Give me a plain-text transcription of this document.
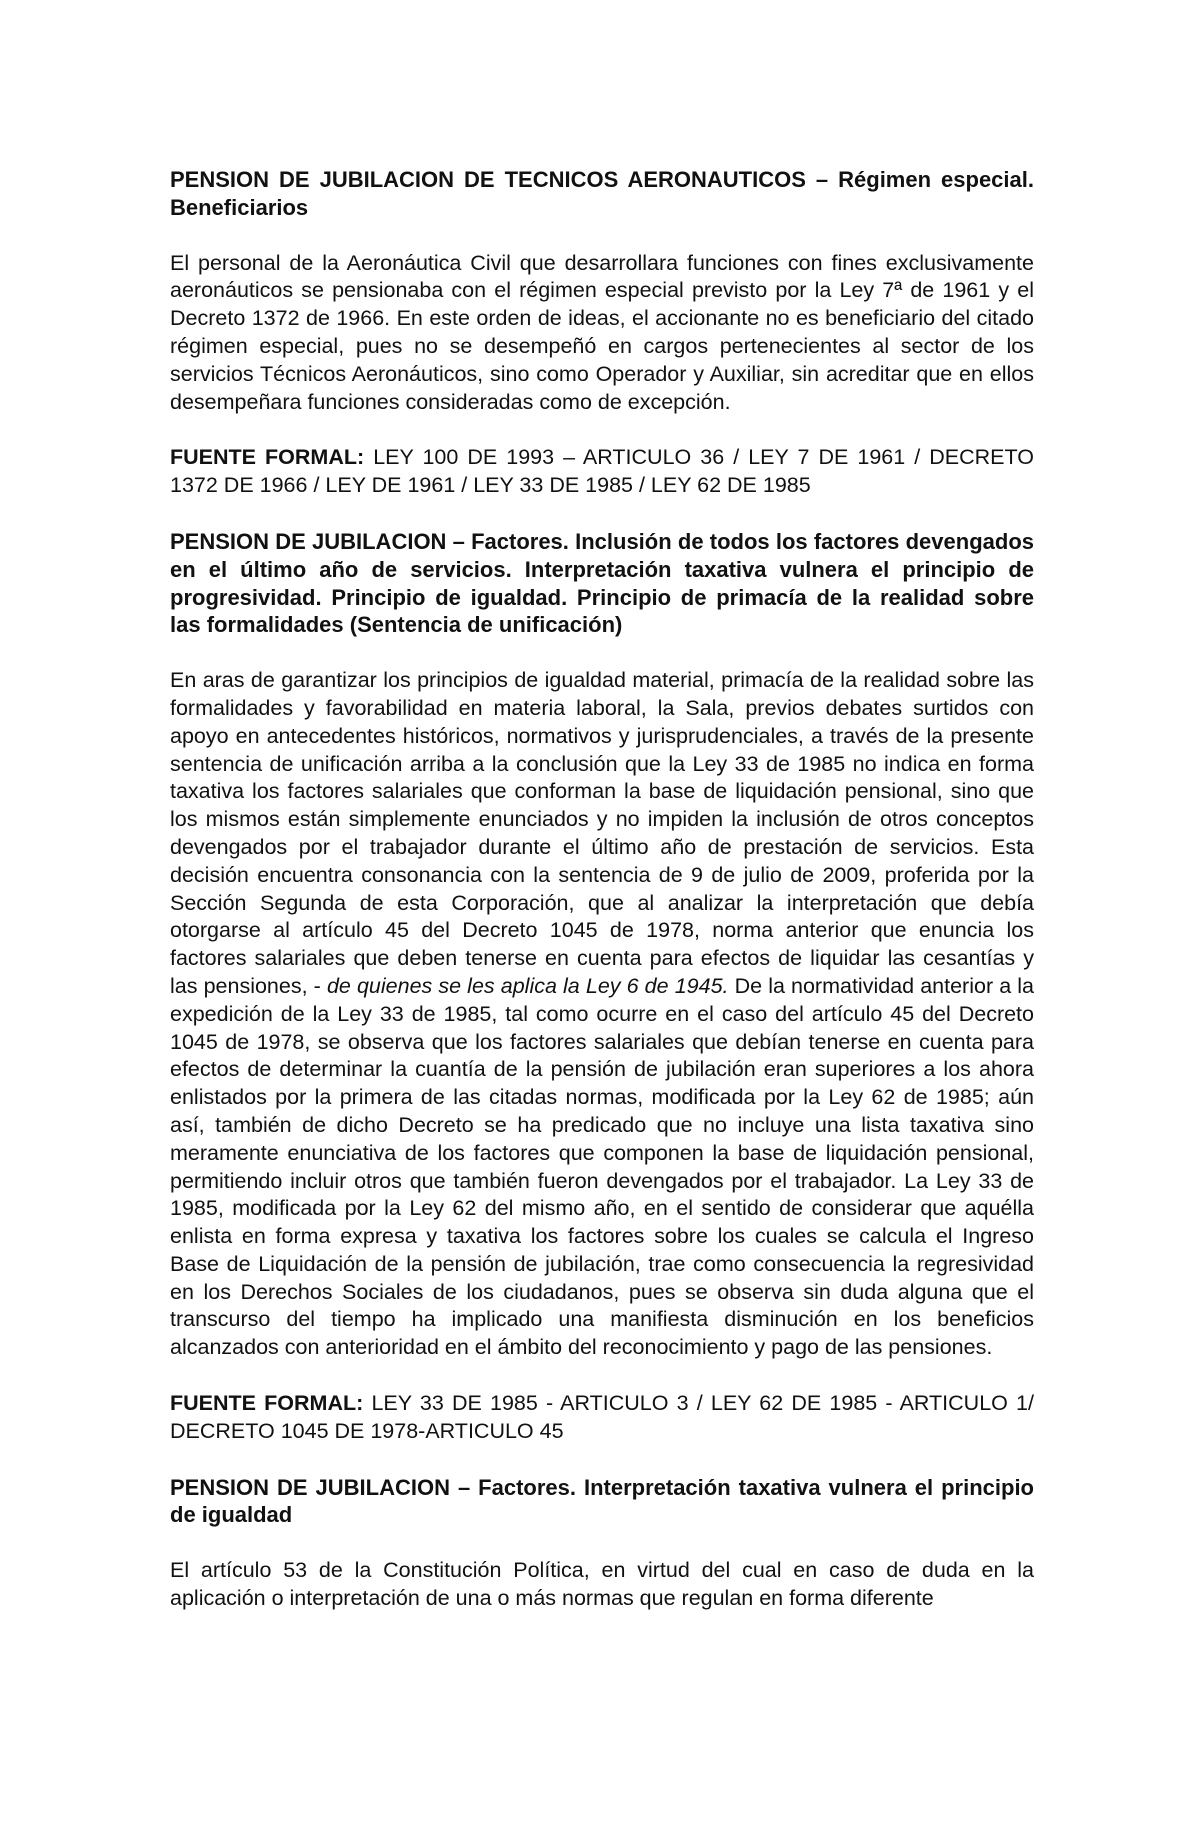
PENSION DE JUBILACION DE TECNICOS AERONAUTICOS – Régimen especial. Beneficiarios

El personal de la Aeronáutica Civil que desarrollara funciones con fines exclusivamente aeronáuticos se pensionaba con el régimen especial previsto por la Ley 7ª de 1961 y el Decreto 1372 de 1966. En este orden de ideas, el accionante no es beneficiario del citado régimen especial, pues no se desempeñó en cargos pertenecientes al sector de los servicios Técnicos Aeronáuticos, sino como Operador y Auxiliar, sin acreditar que en ellos desempeñara funciones consideradas como de excepción.

FUENTE FORMAL: LEY 100 DE 1993 – ARTICULO 36 / LEY 7 DE 1961 / DECRETO 1372 DE 1966 / LEY DE 1961 / LEY 33 DE 1985 / LEY 62 DE 1985

PENSION DE JUBILACION – Factores. Inclusión de todos los factores devengados en el último año de servicios. Interpretación taxativa vulnera el principio de progresividad. Principio de igualdad. Principio de primacía de la realidad sobre las formalidades (Sentencia de unificación)

En aras de garantizar los principios de igualdad material, primacía de la realidad sobre las formalidades y favorabilidad en materia laboral, la Sala, previos debates surtidos con apoyo en antecedentes históricos, normativos y jurisprudenciales, a través de la presente sentencia de unificación arriba a la conclusión que la Ley 33 de 1985 no indica en forma taxativa los factores salariales que conforman la base de liquidación pensional, sino que los mismos están simplemente enunciados y no impiden la inclusión de otros conceptos devengados por el trabajador durante el último año de prestación de servicios. Esta decisión encuentra consonancia con la sentencia de 9 de julio de 2009, proferida por la Sección Segunda de esta Corporación, que al analizar la interpretación que debía otorgarse al artículo 45 del Decreto 1045 de 1978, norma anterior que enuncia los factores salariales que deben tenerse en cuenta para efectos de liquidar las cesantías y las pensiones, - de quienes se les aplica la Ley 6 de 1945. De la normatividad anterior a la expedición de la Ley 33 de 1985, tal como ocurre en el caso del artículo 45 del Decreto 1045 de 1978, se observa que los factores salariales que debían tenerse en cuenta para efectos de determinar la cuantía de la pensión de jubilación eran superiores a los ahora enlistados por la primera de las citadas normas, modificada por la Ley 62 de 1985; aún así, también de dicho Decreto se ha predicado que no incluye una lista taxativa sino meramente enunciativa de los factores que componen la base de liquidación pensional, permitiendo incluir otros que también fueron devengados por el trabajador. La Ley 33 de 1985, modificada por la Ley 62 del mismo año, en el sentido de considerar que aquélla enlista en forma expresa y taxativa los factores sobre los cuales se calcula el Ingreso Base de Liquidación de la pensión de jubilación, trae como consecuencia la regresividad en los Derechos Sociales de los ciudadanos, pues se observa sin duda alguna que el transcurso del tiempo ha implicado una manifiesta disminución en los beneficios alcanzados con anterioridad en el ámbito del reconocimiento y pago de las pensiones.

FUENTE FORMAL: LEY 33 DE 1985 - ARTICULO 3 / LEY 62 DE 1985 - ARTICULO 1/ DECRETO 1045 DE 1978-ARTICULO 45

PENSION DE JUBILACION – Factores. Interpretación taxativa vulnera el principio de igualdad

El artículo 53 de la Constitución Política, en virtud del cual en caso de duda en la aplicación o interpretación de una o más normas que regulan en forma diferente
